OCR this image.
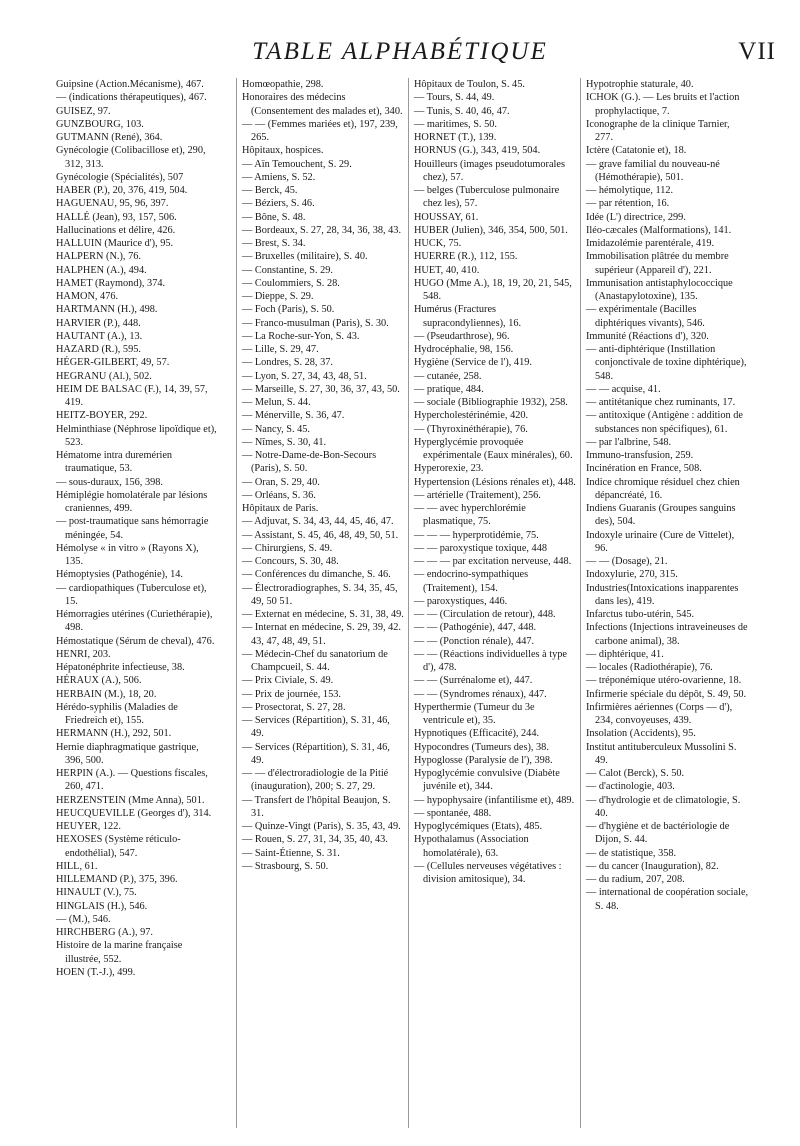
TABLE ALPHABÉTIQUE	VII

Guipsine (Action.Mécanisme), 467.

— (indications thérapeutiques), 467.

GUISEZ, 97.

GUNZBOURG, 103.

GUTMANN (René), 364.

Gynécologie (Colibacillose et), 290, 312, 313.

Gynécologie (Spécialités), 507

HABER (P.), 20, 376, 419, 504.

HAGUENAU, 95, 96, 397.

HALLÉ (Jean), 93, 157, 506.

Hallucinations et délire, 426.

HALLUIN (Maurice d'), 95.

HALPERN (N.), 76.

HALPHEN (A.), 494.

HAMET (Raymond), 374.

HAMON, 476.

HARTMANN (H.), 498.

HARVIER (P.), 448.

HAUTANT (A.), 13.

HAZARD (R.), 595.

HÉGER-GILBERT, 49, 57.

HEGRANU (Al.), 502.

HEIM DE BALSAC (F.), 14, 39, 57, 419.

HEITZ-BOYER, 292.

Helminthiase (Néphrose lipoïdique et), 523.

Hématome intra duremérien traumatique, 53.

— sous-duraux, 156, 398.

Hémiplégie homolatérale par lésions craniennes, 499.

— post-traumatique sans hémorragie méningée, 54.

Hémolyse « in vitro » (Rayons X), 135.

Hémoptysies (Pathogénie), 14.

— cardiopathiques (Tuberculose et), 15.

Hémorragies utérines (Curiethérapie), 498.

Hémostatique (Sérum de cheval), 476.

HENRI, 203.

Hépatonéphrite infectieuse, 38.

HÉRAUX (A.), 506.

HERBAIN (M.), 18, 20.

Hérédo-syphilis (Maladies de Friedreich et), 155.

HERMANN (H.), 292, 501.

Hernie diaphragmatique gastrique, 396, 500.

HERPIN (A.). — Questions fiscales, 260, 471.

HERZENSTEIN (Mme Anna), 501.

HEUCQUEVILLE (Georges d'), 314.

HEUYER, 122.

HEXOSES (Système réticulo-endothélial), 547.

HILL, 61.

HILLEMAND (P.), 375, 396.

HINAULT (V.), 75.

HINGLAIS (H.), 546.

— (M.), 546.

HIRCHBERG (A.), 97.

Histoire de la marine française illustrée, 552.

HOEN (T.-J.), 499.

Homœopathie, 298.

Honoraires des médecins (Consentement des malades et), 340.

— — (Femmes mariées et), 197, 239, 265.

Hôpitaux, hospices.

— Aïn Temouchent, S. 29.

— Amiens, S. 52.

— Berck, 45.

— Béziers, S. 46.

— Bône, S. 48.

— Bordeaux, S. 27, 28, 34, 36, 38, 43.

— Brest, S. 34.

— Bruxelles (militaire), S. 40.

— Constantine, S. 29.

— Coulommiers, S. 28.

— Dieppe, S. 29.

— Foch (Paris), S. 50.

— Franco-musulman (Paris), S. 30.

— La Roche-sur-Yon, S. 43.

— Lille, S. 29, 47.

— Londres, S. 28, 37.

— Lyon, S. 27, 34, 43, 48, 51.

— Marseille, S. 27, 30, 36, 37, 43, 50.

— Melun, S. 44.

— Ménerville, S. 36, 47.

— Nancy, S. 45.

— Nîmes, S. 30, 41.

— Notre-Dame-de-Bon-Secours (Paris), S. 50.

— Oran, S. 29, 40.

— Orléans, S. 36.

Hôpitaux de Paris.

— Adjuvat, S. 34, 43, 44, 45, 46, 47.

— Assistant, S. 45, 46, 48, 49, 50, 51.

— Chirurgiens, S. 49.

— Concours, S. 30, 48.

— Conférences du dimanche, S. 46.

— Électroradiographes, S. 34, 35, 45, 49, 50 51.

— Externat en médecine, S. 31, 38, 49.

— Internat en médecine, S. 29, 39, 42. 43, 47, 48, 49, 51.

— Médecin-Chef du sanatorium de Champcueil, S. 44.

— Prix Civiale, S. 49.

— Prix de journée, 153.

— Prosectorat, S. 27, 28.

— Services (Répartition), S. 31, 46, 49.

— Services (Répartition), S. 31, 46, 49.

— — d'électroradiologie de la Pitié (inauguration), 200; S. 27, 29.

— Transfert de l'hôpital Beaujon, S. 31.

— Quinze-Vingt (Paris), S. 35, 43, 49.

— Rouen, S. 27, 31, 34, 35, 40, 43.

— Saint-Étienne, S. 31.

— Strasbourg, S. 50.

Hôpitaux de Toulon, S. 45.

— Tours, S. 44, 49.

— Tunis, S. 40, 46, 47.

— maritimes, S. 50.

HORNET (T.), 139.

HORNUS (G.), 343, 419, 504.

Houilleurs (images pseudotumorales chez), 57.

— belges (Tuberculose pulmonaire chez les), 57.

HOUSSAY, 61.

HUBER (Julien), 346, 354, 500, 501.

HUCK, 75.

HUERRE (R.), 112, 155.

HUET, 40, 410.

HUGO (Mme A.), 18, 19, 20, 21, 545, 548.

Humérus (Fractures supracondyliennes), 16.

— (Pseudarthrose), 96.

Hydrocéphalie, 98, 156.

Hygiène (Service de l'), 419.

— cutanée, 258.

— pratique, 484.

— sociale (Bibliographie 1932), 258.

Hypercholestérinémie, 420.

— (Thyroxinéthérapie), 76.

Hyperglycémie provoquée expérimentale (Eaux minérales), 60.

Hyperorexie, 23.

Hypertension (Lésions rénales et), 448.

— artérielle (Traitement), 256.

— — avec hyperchlorémie plasmatique, 75.

— — — hyperprotidémie, 75.

— — paroxystique toxique, 448

— — — par excitation nerveuse, 448.

— endocrino-sympathiques (Traitement), 154.

— paroxystiques, 446.

— — (Circulation de retour), 448.

— — (Pathogénie), 447, 448.

— — (Ponction rénale), 447.

— — (Réactions individuelles à type d'), 478.

— — (Surrénalome et), 447.

— — (Syndromes rénaux), 447.

Hyperthermie (Tumeur du 3e ventricule et), 35.

Hypnotiques (Efficacité), 244.

Hypocondres (Tumeurs des), 38.

Hypoglosse (Paralysie de l'), 398.

Hypoglycémie convulsive (Diabète juvénile et), 344.

— hypophysaire (infantilisme et), 489.

— spontanée, 488.

Hypoglycémiques (Etats), 485.

Hypothalamus (Association homolatérale), 63.

— (Cellules nerveuses végétatives : division amitosique), 34.

Hypotrophie staturale, 40.

ICHOK (G.). — Les bruits et l'action prophylactique, 7.

Iconographe de la clinique Tarnier, 277.

Ictère (Catatonie et), 18.

— grave familial du nouveau-né (Hémothérapie), 501.

— hémolytique, 112.

— par rétention, 16.

Idée (L') directrice, 299.

Iléo-cæcales (Malformations), 141.

Imidazolémie parentérale, 419.

Immobilisation plâtrée du membre supérieur (Appareil d'), 221.

Immunisation antistaphylococcique (Anastapylotoxine), 135.

— expérimentale (Bacilles diphtériques vivants), 546.

Immunité (Réactions d'), 320.

— anti-diphtérique (Instillation conjonctivale de toxine diphtérique), 548.

— — acquise, 41.

— antitétanique chez ruminants, 17.

— antitoxique (Antigène : addition de substances non spécifiques), 61.

— par l'albrine, 548.

Immuno-transfusion, 259.

Incinération en France, 508.

Indice chromique résiduel chez chien dépancréaté, 16.

Indiens Guaranis (Groupes sanguins des), 504.

Indoxyle urinaire (Cure de Vittelet), 96.

— — (Dosage), 21.

Indoxylurie, 270, 315.

Industries(Intoxications inapparentes dans les), 419.

Infarctus tubo-utérin, 545.

Infections (Injections intraveineuses de carbone animal), 38.

— diphtérique, 41.

— locales (Radiothérapie), 76.

— tréponémique utéro-ovarienne, 18.

Infirmerie spéciale du dépôt, S. 49, 50.

Infirmières aériennes (Corps — d'), 234, convoyeuses, 439.

Insolation (Accidents), 95.

Institut antituberculeux Mussolini S. 49.

— Calot (Berck), S. 50.

— d'actinologie, 403.

— d'hydrologie et de climatologie, S. 40.

— d'hygiène et de bactériologie de Dijon, S. 44.

— de statistique, 358.

— du cancer (Inauguration), 82.

— du radium, 207, 208.

— international de coopération sociale, S. 48.
